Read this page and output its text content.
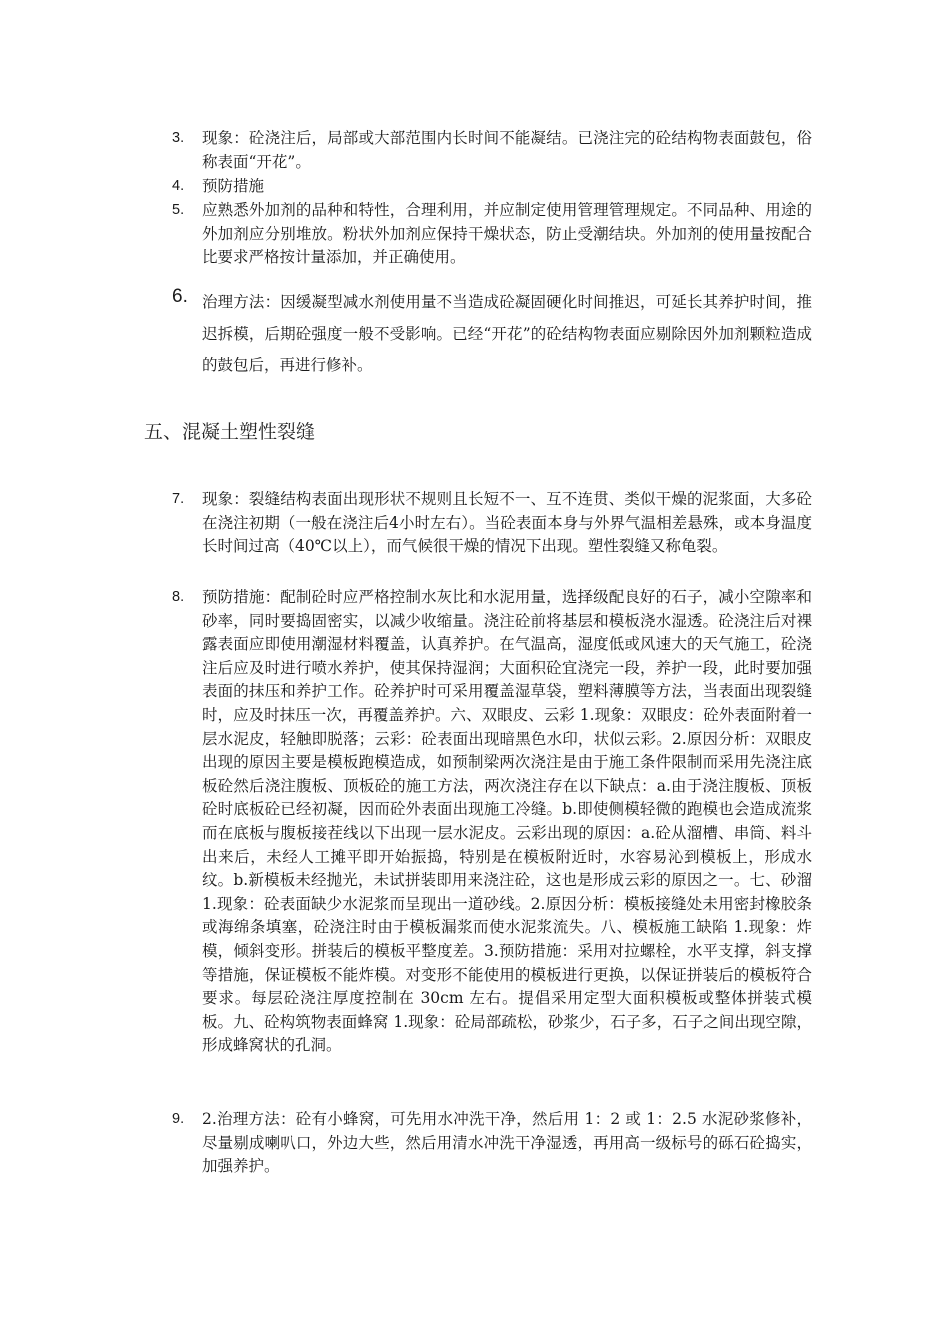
3.	现象：砼浇注后，局部或大部范围内长时间不能凝结。已浇注完的砼结构物表面鼓包，俗称表面“开花”。
4.	预防措施
5.	应熟悉外加剂的品种和特性，合理利用，并应制定使用管理管理规定。不同品种、用途的外加剂应分别堆放。粉状外加剂应保持干燥状态，防止受潮结块。外加剂的使用量按配合比要求严格按计量添加，并正确使用。
6. 治理方法：因缓凝型减水剂使用量不当造成砼凝固硬化时间推迟，可延长其养护时间，推迟拆模，后期砼强度一般不受影响。已经“开花”的砼结构物表面应剔除因外加剂颗粒造成的鼓包后，再进行修补。
五、混凝土塑性裂缝
7.	现象：裂缝结构表面出现形状不规则且长短不一、互不连贯、类似干燥的泥浆面，大多砼在浇注初期（一般在浇注后4小时左右）。当砼表面本身与外界气温相差悬殊，或本身温度长时间过高（40℃以上），而气候很干燥的情况下出现。塑性裂缝又称龟裂。
8.	预防措施：配制砼时应严格控制水灰比和水泥用量，选择级配良好的石子，减小空隙率和砂率，同时要捣固密实，以减少收缩量。浇注砼前将基层和模板浇水湿透。砼浇注后对裸露表面应即使用潮湿材料覆盖，认真养护。在气温高，湿度低或风速大的天气施工，砼浇注后应及时进行喷水养护，使其保持湿润；大面积砼宜浇完一段，养护一段，此时要加强表面的抹压和养护工作。砼养护时可采用覆盖湿草袋，塑料薄膜等方法，当表面出现裂缝时，应及时抹压一次，再覆盖养护。六、双眼皮、云彩 1.现象：双眼皮：砼外表面附着一层水泥皮，轻触即脱落；云彩：砼表面出现暗黑色水印，状似云彩。2.原因分析：双眼皮出现的原因主要是模板跑模造成，如预制梁两次浇注是由于施工条件限制而采用先浇注底板砼然后浇注腹板、顶板砼的施工方法，两次浇注存在以下缺点：a.由于浇注腹板、顶板砼时底板砼已经初凝，因而砼外表面出现施工冷缝。b.即使侧模轻微的跑模也会造成流浆而在底板与腹板接茬线以下出现一层水泥皮。云彩出现的原因：a.砼从溜槽、串筒、料斗出来后，未经人工摊平即开始振捣，特别是在模板附近时，水容易沁到模板上，形成水纹。b.新模板未经抛光，未试拼装即用来浇注砼，这也是形成云彩的原因之一。七、砂溜 1.现象：砼表面缺少水泥浆而呈现出一道砂线。2.原因分析：模板接缝处未用密封橡胶条或海绵条填塞，砼浇注时由于模板漏浆而使水泥浆流失。八、模板施工缺陷 1.现象：炸模，倾斜变形。拼装后的模板平整度差。3.预防措施：采用对拉螺栓，水平支撑，斜支撑等措施，保证模板不能炸模。对变形不能使用的模板进行更换，以保证拼装后的模板符合要求。每层砼浇注厚度控制在 30cm 左右。提倡采用定型大面积模板或整体拼装式模板。九、砼构筑物表面蜂窝 1.现象：砼局部疏松，砂浆少，石子多，石子之间出现空隙，形成蜂窝状的孔洞。
9.	2.治理方法：砼有小蜂窝，可先用水冲洗干净，然后用 1：2 或 1：2.5 水泥砂浆修补，尽量剔成喇叭口，外边大些，然后用清水冲洗干净湿透，再用高一级标号的砾石砼捣实，加强养护。
